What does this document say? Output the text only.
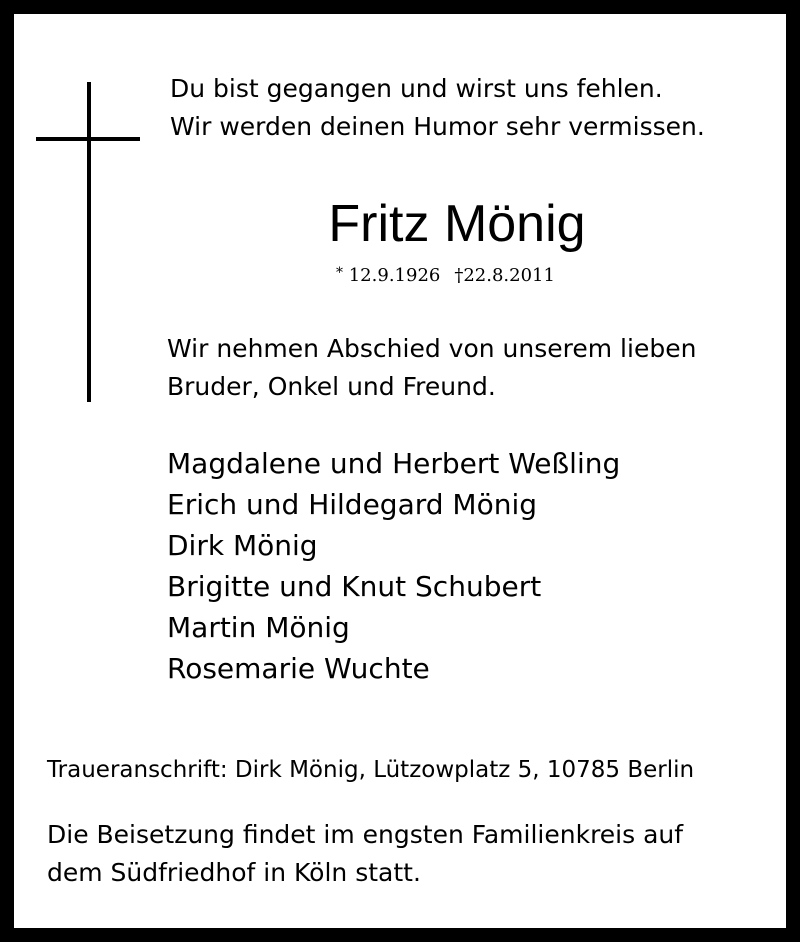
Du bist gegangen und wirst uns fehlen.

Wir werden deinen Humor sehr vermissen.

Fritz Mönig

* 12.9.1926 †22.8.2011

Wir nehmen Abschied von unserem lieben

Bruder, Onkel und Freund.

Magdalene und Herbert Weßling

Erich und Hildegard Mönig

Dirk Mönig

Brigitte und Knut Schubert

Martin Mönig

Rosemarie Wuchte

Traueranschrift: Dirk Mönig, Lützowplatz 5, 10785 Berlin

Die Beisetzung findet im engsten Familienkreis auf

dem Südfriedhof in Köln statt.
